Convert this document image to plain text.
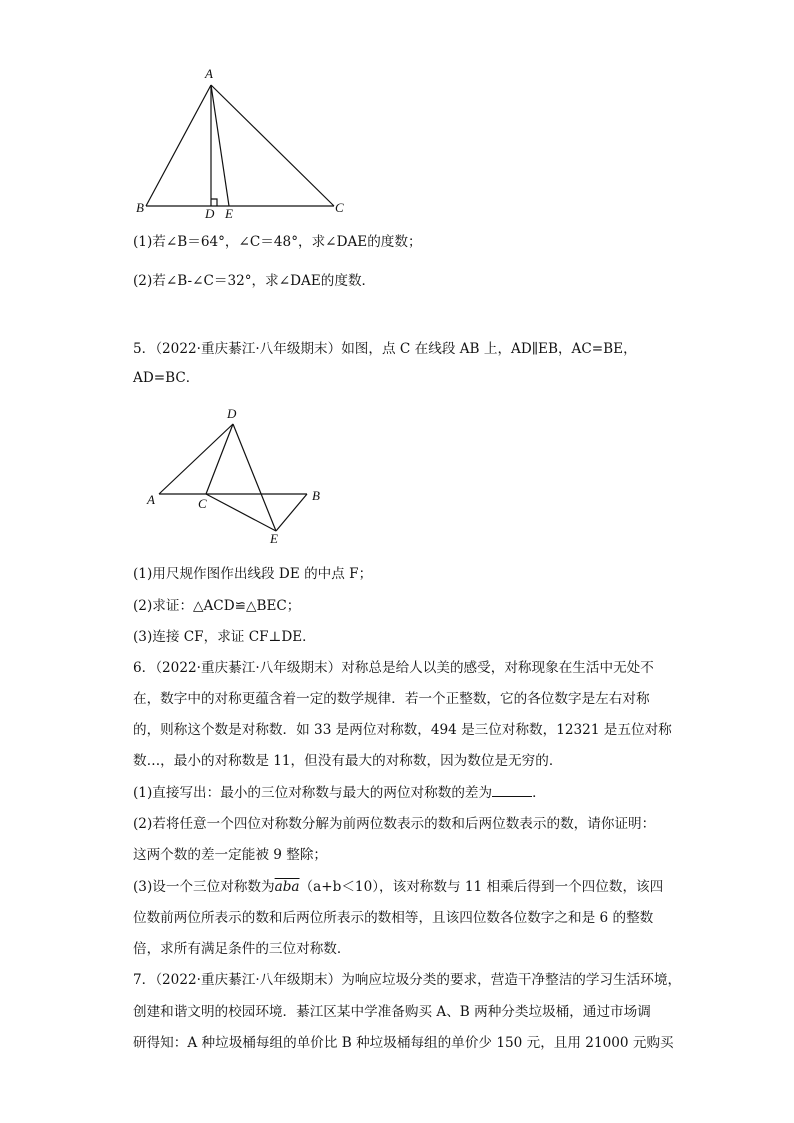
A
B	C
D E
(1)若∠B＝64°，∠C＝48°，求∠DAE的度数；
(2)若∠B-∠C＝32°，求∠DAE的度数．
5．（2022·重庆綦江·八年级期末）如图，点 C 在线段 AB 上，AD∥EB，AC=BE，
AD=BC．
D
A	C
B
E
(1)用尺规作图作出线段 DE 的中点 F；
(2)求证：△ACD≌△BEC；
(3)连接 CF，求证 CF⊥DE．
6．（2022·重庆綦江·八年级期末）对称总是给人以美的感受，对称现象在生活中无处不
在，数字中的对称更蕴含着一定的数学规律．若一个正整数，它的各位数字是左右对称
的，则称这个数是对称数．如 33 是两位对称数，494 是三位对称数，12321 是五位对称
数…，最小的对称数是 11，但没有最大的对称数，因为数位是无穷的．
(1)直接写出：最小的三位对称数与最大的两位对称数的差为	．
(2)若将任意一个四位对称数分解为前两位数表示的数和后两位数表示的数，请你证明：
这两个数的差一定能被 9 整除；
(3)设一个三位对称数为$\overline{aba}(a+b<10)$，该对称数与 11 相乘后得到一个四位数，该四
位数前两位所表示的数和后两位所表示的数相等，且该四位数各位数字之和是 6 的整数
倍，求所有满足条件的三位对称数．
7．（2022·重庆綦江·八年级期末）为响应垃圾分类的要求，营造干净整洁的学习生活环境，
创建和谐文明的校园环境．綦江区某中学准备购买 A、B 两种分类垃圾桶，通过市场调
研得知：A 种垃圾桶每组的单价比 B 种垃圾桶每组的单价少 150 元，且用 21000 元购买
